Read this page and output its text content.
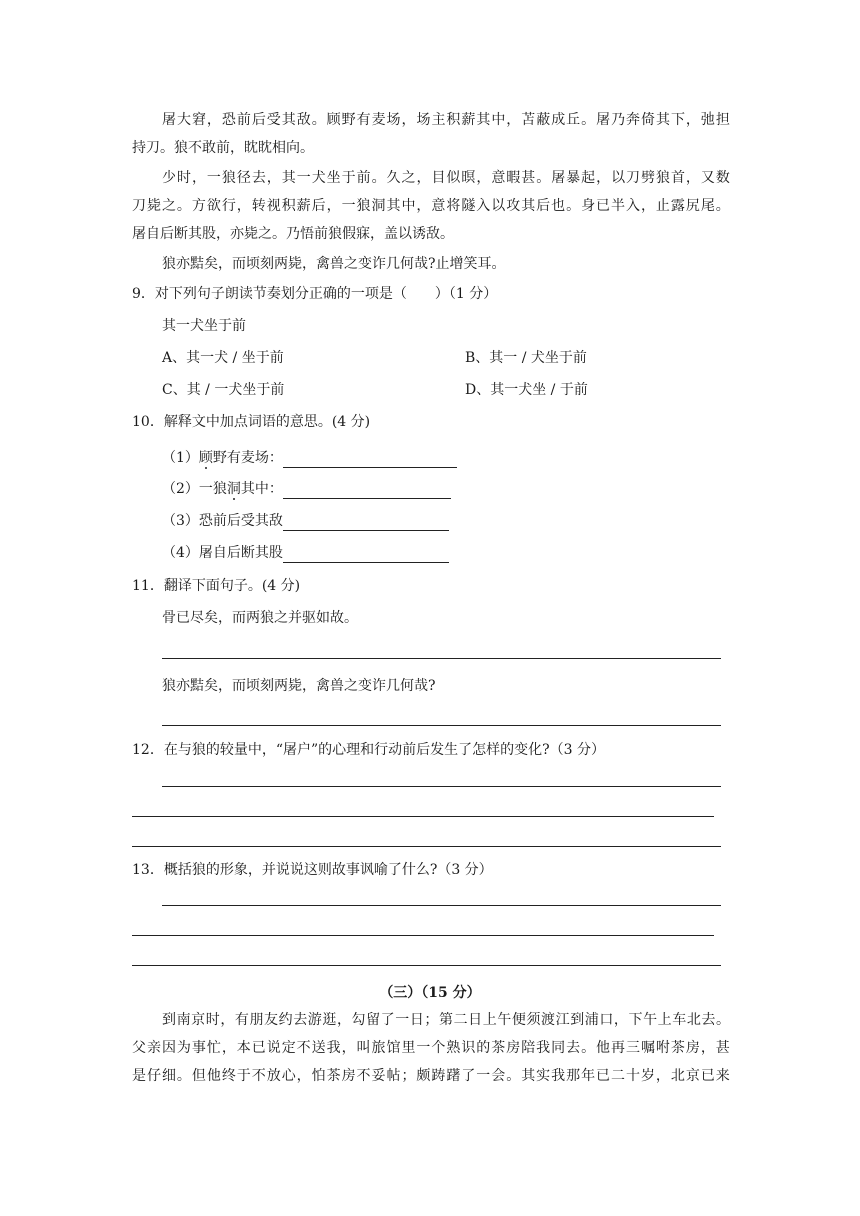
屠 大 窘 ， 恐 前 后 受 其 敌 。 顾 野 有 麦 场 ， 场 主 积 薪 其 中 ， 苫 蔽 成 丘 。 屠 乃 奔 倚 其 下 ， 弛 担
持刀。狼不敢前，眈眈相向。
少 时 ， 一 狼 径 去 ， 其 一 犬 坐 于 前 。 久 之 ， 目 似 暝 ， 意 暇 甚 。 屠 暴 起 ， 以 刀 劈 狼 首 ， 又 数
刀 毙 之 。 方 欲 行 ， 转 视 积 薪 后 ， 一 狼 洞 其 中 ， 意 将 隧 入 以 攻 其 后 也 。 身 已 半 入 ， 止 露 尻 尾 。
屠自后断其股，亦毙之。乃悟前狼假寐，盖以诱敌。
狼亦黠矣，而顷刻两毙，禽兽之变诈几何哉?止增笑耳。
9．对下列句子朗读节奏划分正确的一项是（　　）（1 分）
其一犬坐于前
A、其一犬 / 坐于前	B、其一 / 犬坐于前
C、其 / 一犬坐于前	D、其一犬坐 / 于前
10．解释文中加点词语的意思。(4 分)
（1）顾野有麦场：
（2）一狼洞其中：
（3）恐前后受其敌
（4）屠自后断其股
11．翻译下面句子。(4 分)
骨已尽矣，而两狼之并驱如故。
狼亦黠矣，而顷刻两毙，禽兽之变诈几何哉?
12．在与狼的较量中，“屠户”的心理和行动前后发生了怎样的变化?（3 分）
13．概括狼的形象，并说说这则故事讽喻了什么?（3 分）
（三）（15 分）
到 南 京 时 ， 有 朋 友 约 去 游 逛 ， 勾 留 了 一 日 ； 第 二 日 上 午 便 须 渡 江 到 浦 口 ， 下 午 上 车 北 去 。
父 亲 因 为 事 忙 ， 本 已 说 定 不 送 我 ， 叫 旅 馆 里 一 个 熟 识 的 茶 房 陪 我 同 去 。 他 再 三 嘱 咐 茶 房 ， 甚
是 仔 细 。 但 他 终 于 不 放 心 ， 怕 茶 房 不 妥 帖 ； 颇 踌 躇 了 一 会 。 其 实 我 那 年 已 二 十 岁 ， 北 京 已 来
